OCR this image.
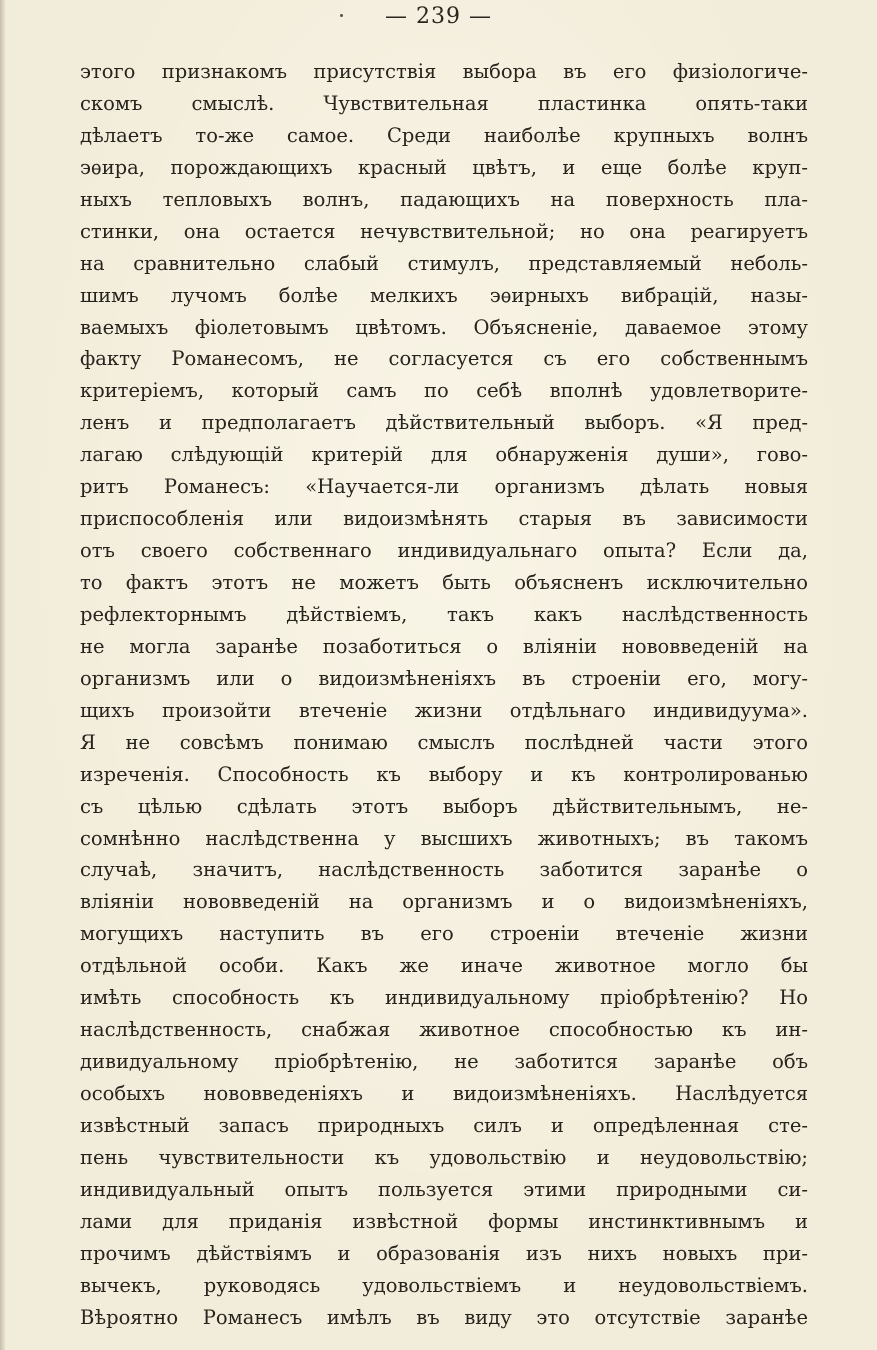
— 239 —
этого признакомъ присутствія выбора въ его физіологиче-
скомъ смыслѣ. Чувствительная пластинка опять-таки
дѣлаетъ то-же самое. Среди наиболѣе крупныхъ волнъ
эѳира, порождающихъ красный цвѣтъ, и еще болѣе круп-
ныхъ тепловыхъ волнъ, падающихъ на поверхность пла-
стинки, она остается нечувствительной; но она реагируетъ
на сравнительно слабый стимулъ, представляемый неболь-
шимъ лучомъ болѣе мелкихъ эѳирныхъ вибрацій, назы-
ваемыхъ фіолетовымъ цвѣтомъ. Объясненіе, даваемое этому
факту Романесомъ, не согласуется съ его собственнымъ
критеріемъ, который самъ по себѣ вполнѣ удовлетворите-
ленъ и предполагаетъ дѣйствительный выборъ. «Я пред-
лагаю слѣдующій критерій для обнаруженія души», гово-
ритъ Романесъ: «Научается-ли организмъ дѣлать новыя
приспособленія или видоизмѣнять старыя въ зависимости
отъ своего собственнаго индивидуальнаго опыта? Если да,
то фактъ этотъ не можетъ быть объясненъ исключительно
рефлекторнымъ дѣйствіемъ, такъ какъ наслѣдственность
не могла заранѣе позаботиться о вліяніи нововведеній на
организмъ или о видоизмѣненіяхъ въ строеніи его, могу-
щихъ произойти втеченіе жизни отдѣльнаго индивидуума».
Я не совсѣмъ понимаю смыслъ послѣдней части этого
изреченія. Способность къ выбору и къ контролированью
съ цѣлью сдѣлать этотъ выборъ дѣйствительнымъ, не-
сомнѣнно наслѣдственна у высшихъ животныхъ; въ такомъ
случаѣ, значитъ, наслѣдственность заботится заранѣе о
вліяніи нововведеній на организмъ и о видоизмѣненіяхъ,
могущихъ наступить въ его строеніи втеченіе жизни
отдѣльной особи. Какъ же иначе животное могло бы
имѣть способность къ индивидуальному пріобрѣтенію? Но
наслѣдственность, снабжая животное способностью къ ин-
дивидуальному пріобрѣтенію, не заботится заранѣе объ
особыхъ нововведеніяхъ и видоизмѣненіяхъ. Наслѣдуется
извѣстный запасъ природныхъ силъ и опредѣленная сте-
пень чувствительности къ удовольствію и неудовольствію;
индивидуальный опытъ пользуется этими природными си-
лами для приданія извѣстной формы инстинктивнымъ и
прочимъ дѣйствіямъ и образованія изъ нихъ новыхъ при-
вычекъ, руководясь удовольствіемъ и неудовольствіемъ.
Вѣроятно Романесъ имѣлъ въ виду это отсутствіе заранѣе
